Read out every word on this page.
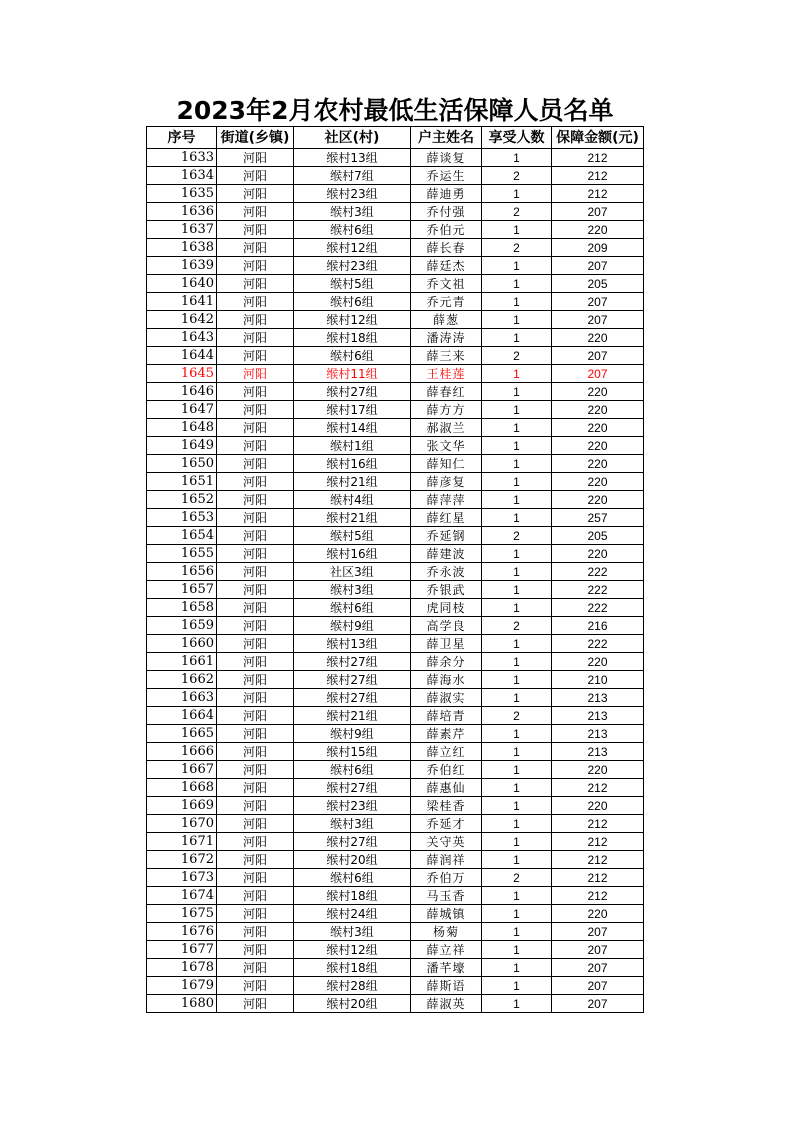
2023年2月农村最低生活保障人员名单
序号	街道(乡镇)	社区(村)	户主姓名	享受人数	保障金额(元)
1633	河阳	缑村13组	薛谈复	1	212
1634	河阳	缑村7组	乔运生	2	212
1635	河阳	缑村23组	薛迪勇	1	212
1636	河阳	缑村3组	乔付强	2	207
1637	河阳	缑村6组	乔伯元	1	220
1638	河阳	缑村12组	薛长春	2	209
1639	河阳	缑村23组	薛廷杰	1	207
1640	河阳	缑村5组	乔文祖	1	205
1641	河阳	缑村6组	乔元青	1	207
1642	河阳	缑村12组	薛葱	1	207
1643	河阳	缑村18组	潘涛涛	1	220
1644	河阳	缑村6组	薛三来	2	207
1645	河阳	缑村11组	王桂莲	1	207
1646	河阳	缑村27组	薛春红	1	220
1647	河阳	缑村17组	薛方方	1	220
1648	河阳	缑村14组	郝淑兰	1	220
1649	河阳	缑村1组	张文华	1	220
1650	河阳	缑村16组	薛知仁	1	220
1651	河阳	缑村21组	薛彦复	1	220
1652	河阳	缑村4组	薛萍萍	1	220
1653	河阳	缑村21组	薛红星	1	257
1654	河阳	缑村5组	乔延钢	2	205
1655	河阳	缑村16组	薛建波	1	220
1656	河阳	社区3组	乔永波	1	222
1657	河阳	缑村3组	乔银武	1	222
1658	河阳	缑村6组	虎同枝	1	222
1659	河阳	缑村9组	高学良	2	216
1660	河阳	缑村13组	薛卫星	1	222
1661	河阳	缑村27组	薛余分	1	220
1662	河阳	缑村27组	薛海水	1	210
1663	河阳	缑村27组	薛淑实	1	213
1664	河阳	缑村21组	薛培青	2	213
1665	河阳	缑村9组	薛素芹	1	213
1666	河阳	缑村15组	薛立红	1	213
1667	河阳	缑村6组	乔伯红	1	220
1668	河阳	缑村27组	薛惠仙	1	212
1669	河阳	缑村23组	梁桂香	1	220
1670	河阳	缑村3组	乔延才	1	212
1671	河阳	缑村27组	关守英	1	212
1672	河阳	缑村20组	薛润祥	1	212
1673	河阳	缑村6组	乔伯万	2	212
1674	河阳	缑村18组	马玉香	1	212
1675	河阳	缑村24组	薛城镇	1	220
1676	河阳	缑村3组	杨菊	1	207
1677	河阳	缑村12组	薛立祥	1	207
1678	河阳	缑村18组	潘芊壕	1	207
1679	河阳	缑村28组	薛斯语	1	207
1680	河阳	缑村20组	薛淑英	1	207
